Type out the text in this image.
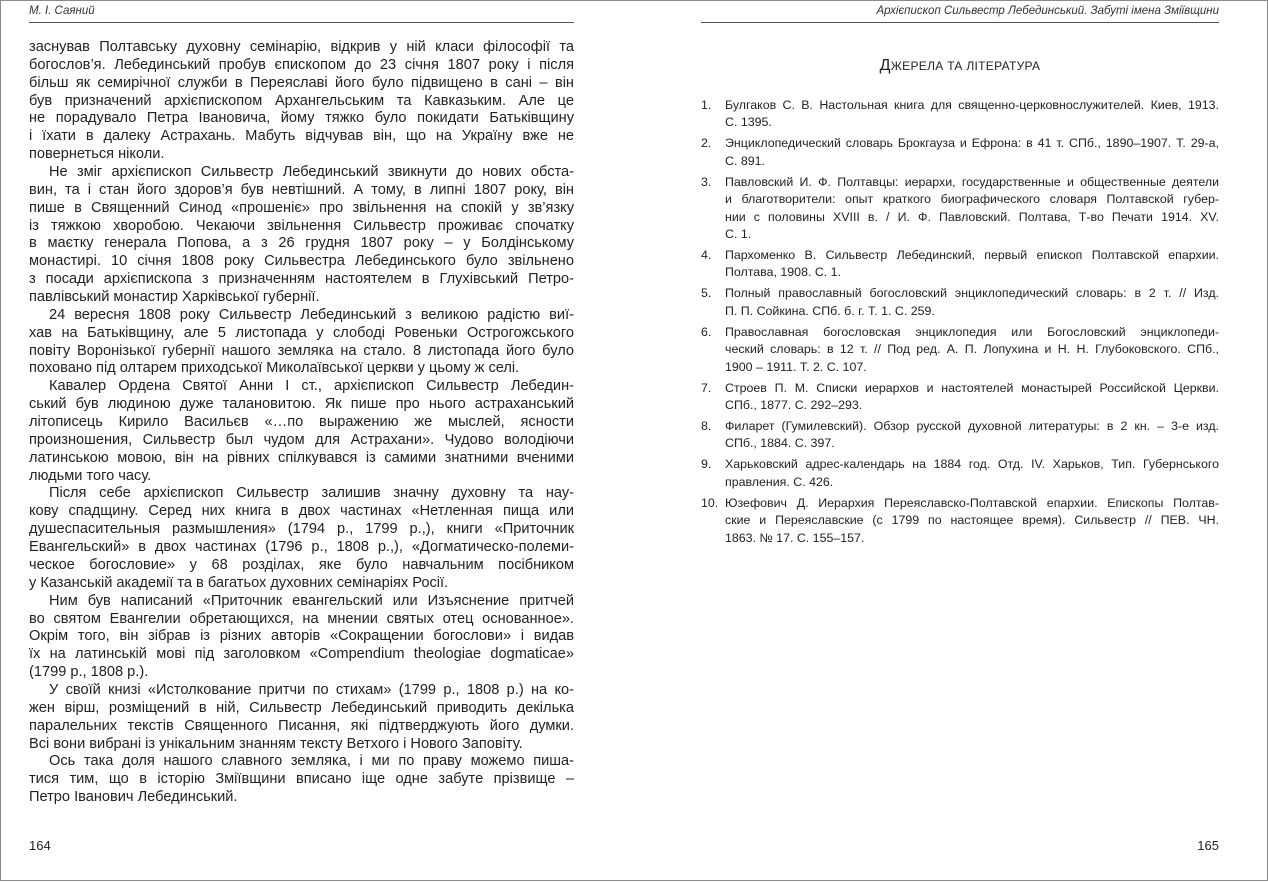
М. І. Саяний
заснував Полтавську духовну семінарію, відкрив у ній класи філософії та
богослов’я. Лебединський пробув єпископом до 23 січня 1807 року і після
більш як семирічної служби в Переяславі його було підвищено в сані – він
був призначений архієпископом Архангельським та Кавказьким. Але це
не порадувало Петра Івановича, йому тяжко було покидати Батьківщину
і їхати в далеку Астрахань. Мабуть відчував він, що на Україну вже не
повернеться ніколи.
Не зміг архієпископ Сильвестр Лебединський звикнути до нових обста-
вин, та і стан його здоров’я був невтішний. А тому, в липні 1807 року, він
пише в Священний Синод «прошеніє» про звільнення на спокій у зв’язку
із тяжкою хворобою. Чекаючи звільнення Сильвестр проживає спочатку
в маєтку генерала Попова, а з 26 грудня 1807 року – у Болдінському
монастирі. 10 січня 1808 року Сильвестра Лебединського було звільнено
з посади архієпископа з призначенням настоятелем в Глухівський Петро-
павлівський монастир Харківської губернії.
24 вересня 1808 року Сильвестр Лебединський з великою радістю виї-
хав на Батьківщину, але 5 листопада у слободі Ровеньки Острогожського
повіту Воронізької губернії нашого земляка на стало. 8 листопада його було
поховано під олтарем приходської Миколаївської церкви у цьому ж селі.
Кавалер Ордена Святої Анни І ст., архієпископ Сильвестр Лебедин-
ський був людиною дуже талановитою. Як пише про нього астраханський
літописець Кирило Васильєв «…по выражению же мыслей, ясности
произношения, Сильвестр был чудом для Астрахани». Чудово володіючи
латинською мовою, він на рівних спілкувався із самими знатними вченими
людьми того часу.
Після себе архієпископ Сильвестр залишив значну духовну та нау-
кову спадщину. Серед них книга в двох частинах «Нетленная пища или
душеспасительныя размышления» (1794 р., 1799 р.,), книги «Приточник
Евангельский» в двох частинах (1796 р., 1808 р.,), «Догматическо-полеми-
ческое богословие» у 68 розділах, яке було навчальним посібником
у Казанській академії та в багатьох духовних семінаріях Росії.
Ним був написаний «Приточник евангельский или Изъяснение притчей
во святом Евангелии обретающихся, на мнении святых отец основанное».
Окрім того, він зібрав із різних авторів «Сокращении богослови» і видав
їх на латинській мові під заголовком «Compendium theologiae dogmaticae»
(1799 р., 1808 р.).
У своїй книзі «Истолкование притчи по стихам» (1799 р., 1808 р.) на ко-
жен вірш, розміщений в ній, Сильвестр Лебединський приводить декілька
паралельних текстів Священного Писання, які підтверджують його думки.
Всі вони вибрані із унікальним знанням тексту Ветхого і Нового Заповіту.
Ось така доля нашого славного земляка, і ми по праву можемо пиша-
тися тим, що в історію Зміївщини вписано іще одне забуте прізвище –
Петро Іванович Лебединський.
164
Архієпископ Сильвестр Лебединський. Забуті імена Зміївщини
ДЖЕРЕЛА ТА ЛІТЕРАТУРА
1. Булгаков С. В. Настольная книга для священно-церковнослужителей. Киев, 1913.
С. 1395.
2. Энциклопедический словарь Брокгауза и Ефрона: в 41 т. СПб., 1890–1907. Т. 29-а,
С. 891.
3. Павловский И. Ф. Полтавцы: иерархи, государственные и общественные деятели
и благотворители: опыт краткого биографического словаря Полтавской губер-
нии с половины XVIII в. / И. Ф. Павловский. Полтава, Т-во Печати 1914. XV.
С. 1.
4. Пархоменко В. Сильвестр Лебединский, первый епископ Полтавской епархии.
Полтава, 1908. С. 1.
5. Полный православный богословский энциклопедический словарь: в 2 т. // Изд.
П. П. Сойкина. СПб. б. г. Т. 1. С. 259.
6. Православная богословская энциклопедия или Богословский энциклопеди-
ческий словарь: в 12 т. // Под ред. А. П. Лопухина и Н. Н. Глубоковского. СПб.,
1900 – 1911. Т. 2. С. 107.
7. Строев П. М. Списки иерархов и настоятелей монастырей Российской Церкви.
СПб., 1877. С. 292–293.
8. Филарет (Гумилевский). Обзор русской духовной литературы: в 2 кн. – 3-е изд.
СПб., 1884. С. 397.
9. Харьковский адрес-календарь на 1884 год. Отд. IV. Харьков, Тип. Губернського
правления. С. 426.
10. Юзефович Д. Иерархия Переяславско-Полтавской епархии. Епископы Полтав-
ские и Переяславские (с 1799 по настоящее время). Сильвестр // ПЕВ. ЧН.
1863. № 17. С. 155–157.
165
